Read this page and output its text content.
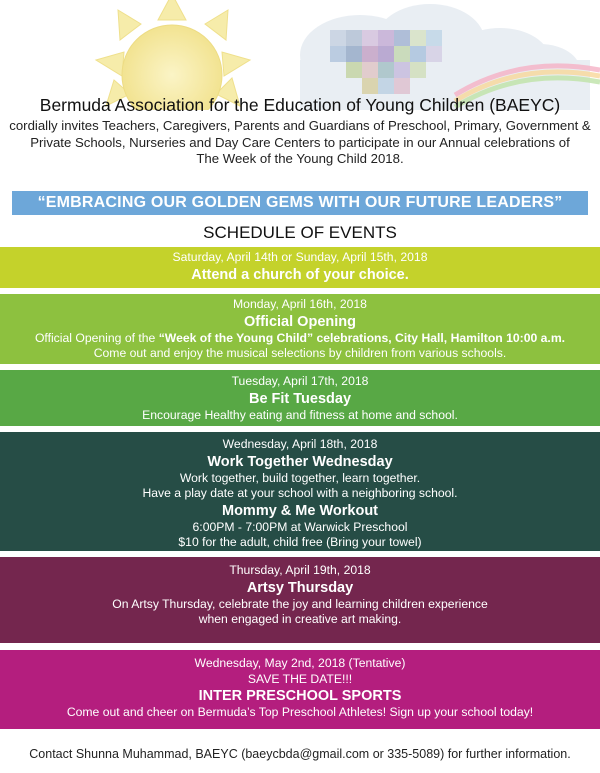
Bermuda Association for the Education of Young Children (BAEYC)
cordially invites Teachers, Caregivers, Parents and Guardians of Preschool, Primary, Government &
Private Schools, Nurseries and Day Care Centers to participate in our Annual celebrations of
The Week of the Young Child 2018.
“EMBRACING OUR GOLDEN GEMS WITH OUR FUTURE LEADERS”
SCHEDULE OF EVENTS
Saturday, April 14th or Sunday, April 15th, 2018
Attend a church of your choice.
Monday, April 16th, 2018
Official Opening
Official Opening of the “Week of the Young Child” celebrations, City Hall, Hamilton 10:00 a.m.
Come out and enjoy the musical selections by children from various schools.
Tuesday, April 17th, 2018
Be Fit Tuesday
Encourage Healthy eating and fitness at home and school.
Wednesday, April 18th, 2018
Work Together Wednesday
Work together, build together, learn together.
Have a play date at your school with a neighboring school.
Mommy & Me Workout
6:00PM - 7:00PM at Warwick Preschool
$10 for the adult, child free (Bring your towel)
Thursday, April 19th, 2018
Artsy Thursday
On Artsy Thursday, celebrate the joy and learning children experience
when engaged in creative art making.
Wednesday, May 2nd, 2018 (Tentative)
SAVE THE DATE!!!
INTER PRESCHOOL SPORTS
Come out and cheer on Bermuda’s Top Preschool Athletes! Sign up your school today!
Contact Shunna Muhammad, BAEYC (baeycbda@gmail.com or 335-5089) for further information.
